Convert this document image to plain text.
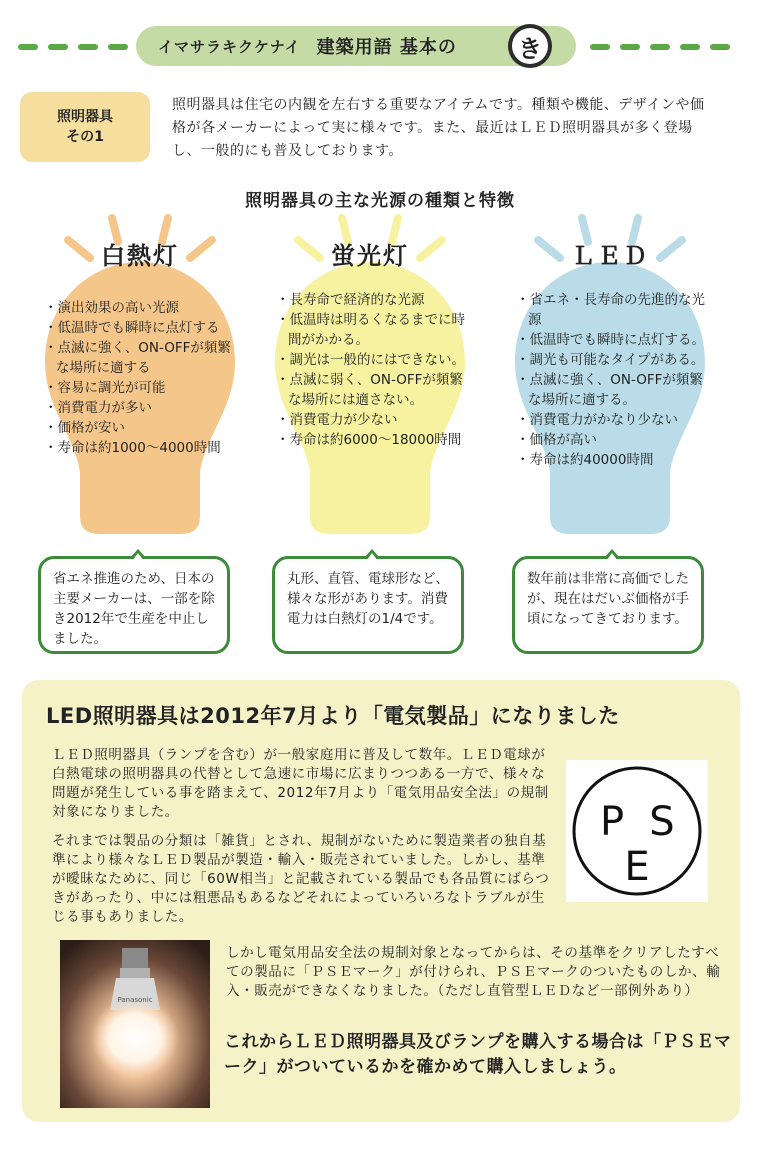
イマサラキクケナイ 建築用語 基本の	き
照明器具
その1

照明器具は住宅の内観を左右する重要なアイテムです。種類や機能、デザインや価格が各メーカーによって実に様々です。また、最近はＬＥＤ照明器具が多く登場し、一般的にも普及しております。

照明器具の主な光源の種類と特徴
白熱灯	蛍光灯	ＬＥＤ
・ 演出効果の高い光源
・ 低温時でも瞬時に点灯する
・ 点滅に強く、ON-OFFが頻繁な場所に適する
・ 容易に調光が可能
・ 消費電力が多い
・ 価格が安い
・ 寿命は約1000～4000時間
・ 長寿命で経済的な光源
・ 低温時は明るくなるまでに時間がかかる。
・ 調光は一般的にはできない。
・ 点滅に弱く、ON-OFFが頻繁な場所には適さない。
・ 消費電力が少ない
・ 寿命は約6000～18000時間
・ 省エネ・長寿命の先進的な光源
・ 低温時でも瞬時に点灯する。
・ 調光も可能なタイプがある。
・ 点滅に強く、ON-OFFが頻繁な場所に適する。
・ 消費電力がかなり少ない
・ 価格が高い
・ 寿命は約40000時間
省エネ推進のため、日本の主要メーカーは、一部を除き2012年で生産を中止しました。
丸形、直管、電球形など、様々な形があります。消費電力は白熱灯の1/4です。
数年前は非常に高価でしたが、現在はだいぶ価格が手頃になってきております。
LED照明器具は2012年7月より「電気製品」になりました

ＬＥＤ照明器具（ランプを含む）が一般家庭用に普及して数年。ＬＥＤ電球が白熱電球の照明器具の代替として急速に市場に広まりつつある一方で、様々な問題が発生している事を踏まえて、2012年7月より「電気用品安全法」の規制対象になりました。

それまでは製品の分類は「雑貨」とされ、規制がないために製造業者の独自基準により様々なＬＥＤ製品が製造・輸入・販売されていました。しかし、基準が曖昧なために、同じ「60W相当」と記載されている製品でも各品質にばらつきがあったり、中には粗悪品もあるなどそれによっていろいろなトラブルが生じる事もありました。

P S
E
Panasonic

しかし電気用品安全法の規制対象となってからは、その基準をクリアしたすべての製品に「ＰＳＥマーク」が付けられ、ＰＳＥマークのついたものしか、輸入・販売ができなくなりました。（ただし直管型ＬＥＤなど一部例外あり）

これからＬＥＤ照明器具及びランプを購入する場合は「ＰＳＥマーク」がついているかを確かめて購入しましょう。
